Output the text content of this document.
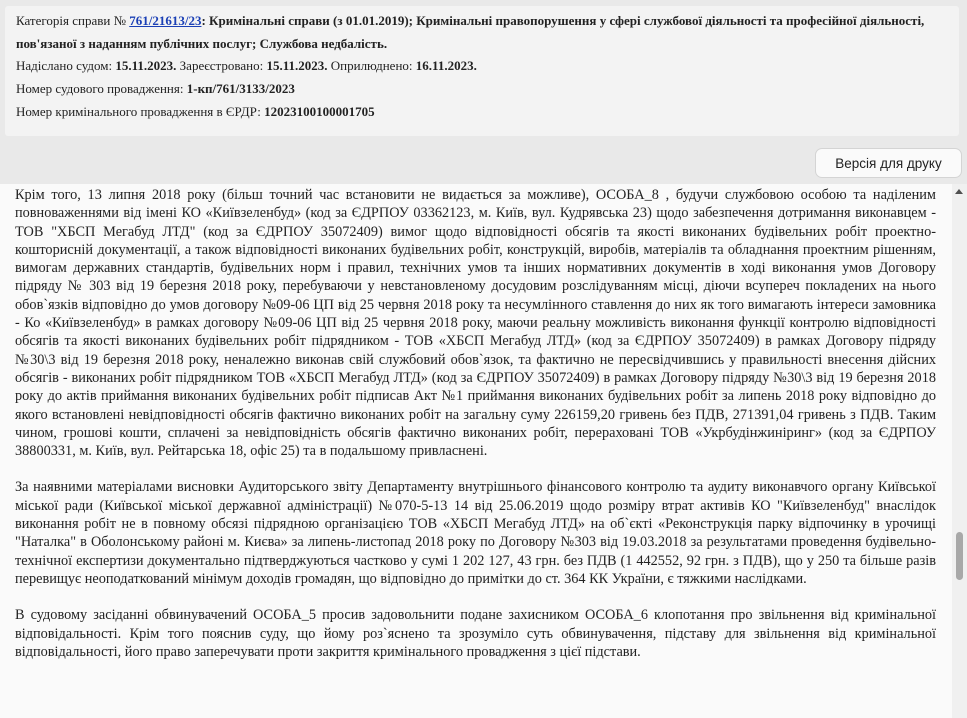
Категорія справи № 761/21613/23: Кримінальні справи (з 01.01.2019); Кримінальні правопорушення у сфері службової діяльності та професійної діяльності, пов'язаної з наданням публічних послуг; Службова недбалість.
Надіслано судом: 15.11.2023. Зареєстровано: 15.11.2023. Оприлюднено: 16.11.2023.
Номер судового провадження: 1-кп/761/3133/2023
Номер кримінального провадження в ЄРДР: 12023100100001705
Версія для друку

Крім того, 13 липня 2018 року (більш точний час встановити не видається за можливе), ОСОБА_8 , будучи службовою особою та наділеним повноваженнями від імені КО «Київзеленбуд» (код за ЄДРПОУ 03362123, м. Київ, вул. Кудрявська 23) щодо забезпечення дотримання виконавцем - ТОВ "ХБСП Мегабуд ЛТД" (код за ЄДРПОУ 35072409) вимог щодо відповідності обсягів та якості виконаних будівельних робіт проектно-кошторисній документації, а також відповідності виконаних будівельних робіт, конструкцій, виробів, матеріалів та обладнання проектним рішенням, вимогам державних стандартів, будівельних норм і правил, технічних умов та інших нормативних документів в ході виконання умов Договору підряду № 303 від 19 березня 2018 року, перебуваючи у невстановленому досудовим розслідуванням місці, діючи всупереч покладених на нього обов`язків відповідно до умов договору №09-06 ЦП від 25 червня 2018 року та несумлінного ставлення до них як того вимагають інтереси замовника - Ко «Київзеленбуд» в рамках договору №09-06 ЦП від 25 червня 2018 року, маючи реальну можливість виконання функції контролю відповідності обсягів та якості виконаних будівельних робіт підрядником - ТОВ «ХБСП Мегабуд ЛТД» (код за ЄДРПОУ 35072409) в рамках Договору підряду №30\3 від 19 березня 2018 року, неналежно виконав свій службовий обов`язок, та фактично не пересвідчившись у правильності внесення дійсних обсягів - виконаних робіт підрядником ТОВ «ХБСП Мегабуд ЛТД» (код за ЄДРПОУ 35072409) в рамках Договору підряду №30\3 від 19 березня 2018 року до актів приймання виконаних будівельних робіт підписав Акт №1 приймання виконаних будівельних робіт за липень 2018 року відповідно до якого встановлені невідповідності обсягів фактично виконаних робіт на загальну суму 226159,20 гривень без ПДВ, 271391,04 гривень з ПДВ. Таким чином, грошові кошти, сплачені за невідповідність обсягів фактично виконаних робіт, перераховані ТОВ «Укрбудінжиніринг» (код за ЄДРПОУ 38800331, м. Київ, вул. Рейтарська 18, офіс 25) та в подальшому привласнені.

За наявними матеріалами висновки Аудиторського звіту Департаменту внутрішнього фінансового контролю та аудиту виконавчого органу Київської міської ради (Київської міської державної адміністрації) №070-5-13 14 від 25.06.2019 щодо розміру втрат активів КО "Київзеленбуд" внаслідок виконання робіт не в повному обсязі підрядною організацією ТОВ «ХБСП Мегабуд ЛТД» на об`єкті «Реконструкція парку відпочинку в урочищі "Наталка" в Оболонському районі м. Києва» за липень-листопад 2018 року по Договору №303 від 19.03.2018 за результатами проведення будівельно-технічної експертизи документально підтверджуються частково у сумі 1 202 127, 43 грн. без ПДВ (1 442552, 92 грн. з ПДВ), що у 250 та більше разів перевищує неоподаткований мінімум доходів громадян, що відповідно до примітки до ст. 364 КК України, є тяжкими наслідками.

В судовому засіданні обвинувачений ОСОБА_5 просив задовольнити подане захисником ОСОБА_6 клопотання про звільнення від кримінальної відповідальності. Крім того пояснив суду, що йому роз`яснено та зрозуміло суть обвинувачення, підставу для звільнення від кримінальної відповідальності, його право заперечувати проти закриття кримінального провадження з цієї підстави.
